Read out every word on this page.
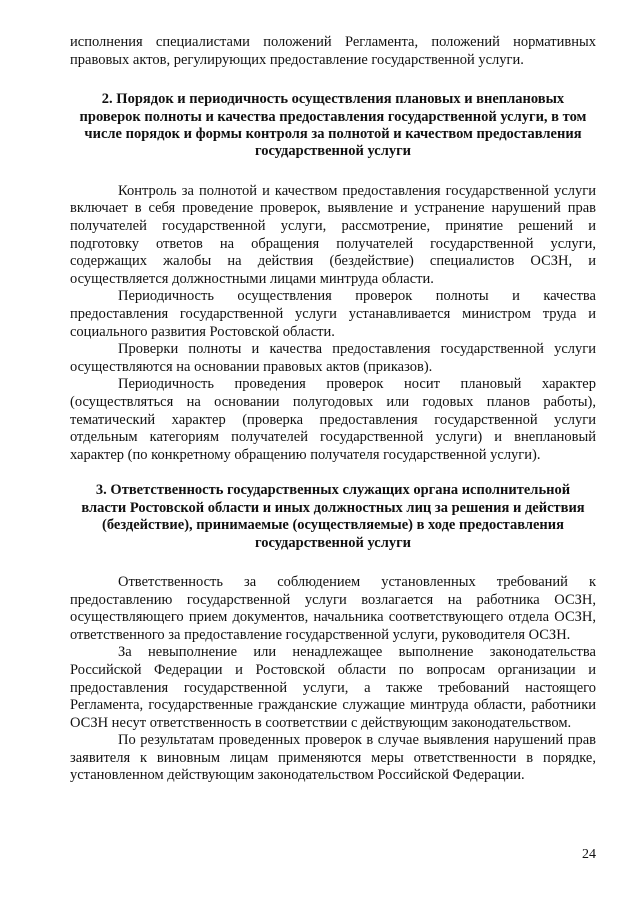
исполнения специалистами положений Регламента, положений нормативных правовых актов, регулирующих предоставление государственной услуги.

2. Порядок и периодичность осуществления плановых и внеплановых проверок полноты и качества предоставления государственной услуги, в том числе порядок и формы контроля за полнотой и качеством предоставления государственной услуги

Контроль за полнотой и качеством предоставления государственной услуги включает в себя проведение проверок, выявление и устранение нарушений прав получателей государственной услуги, рассмотрение, принятие решений и подготовку ответов на обращения получателей государственной услуги, содержащих жалобы на действия (бездействие) специалистов ОСЗН, и осуществляется должностными лицами минтруда области.

Периодичность осуществления проверок полноты и качества предоставления государственной услуги устанавливается министром труда и социального развития Ростовской области.

Проверки полноты и качества предоставления государственной услуги осуществляются на основании правовых актов (приказов).

Периодичность проведения проверок носит плановый характер (осуществляться на основании полугодовых или годовых планов работы), тематический характер (проверка предоставления государственной услуги отдельным категориям получателей государственной услуги) и внеплановый характер (по конкретному обращению получателя государственной услуги).

3. Ответственность государственных служащих органа исполнительной власти Ростовской области и иных должностных лиц за решения и действия (бездействие), принимаемые (осуществляемые) в ходе предоставления государственной услуги

Ответственность за соблюдением установленных требований к предоставлению государственной услуги возлагается на работника ОСЗН, осуществляющего прием документов, начальника соответствующего отдела ОСЗН, ответственного за предоставление государственной услуги, руководителя ОСЗН.

За невыполнение или ненадлежащее выполнение законодательства Российской Федерации и Ростовской области по вопросам организации и предоставления государственной услуги, а также требований настоящего Регламента, государственные гражданские служащие минтруда области, работники ОСЗН несут ответственность в соответствии с действующим законодательством.

По результатам проведенных проверок в случае выявления нарушений прав заявителя к виновным лицам применяются меры ответственности в порядке, установленном действующим законодательством Российской Федерации.

24
